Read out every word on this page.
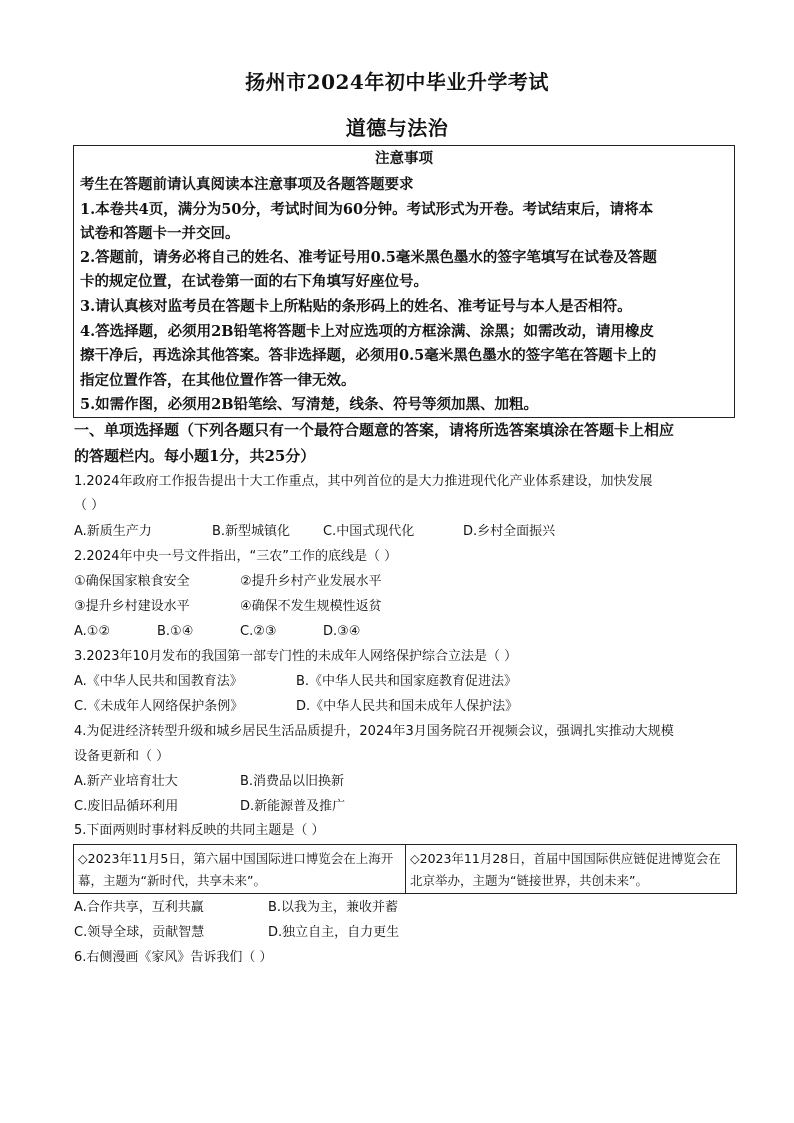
扬州市2024年初中毕业升学考试
道德与法治
注意事项
考生在答题前请认真阅读本注意事项及各题答题要求
1.本卷共4页，满分为50分，考试时间为60分钟。考试形式为开卷。考试结束后，请将本
试卷和答题卡一并交回。
2.答题前，请务必将自己的姓名、准考证号用0.5毫米黑色墨水的签字笔填写在试卷及答题
卡的规定位置，在试卷第一面的右下角填写好座位号。
3.请认真核对监考员在答题卡上所粘贴的条形码上的姓名、准考证号与本人是否相符。
4.答选择题，必须用2B铅笔将答题卡上对应选项的方框涂满、涂黑；如需改动，请用橡皮
擦干净后，再选涂其他答案。答非选择题，必须用0.5毫米黑色墨水的签字笔在答题卡上的
指定位置作答，在其他位置作答一律无效。
5.如需作图，必须用2B铅笔绘、写清楚，线条、符号等须加黑、加粗。
一、单项选择题（下列各题只有一个最符合题意的答案，请将所选答案填涂在答题卡上相应
的答题栏内。每小题1分，共25分）
1.2024年政府工作报告提出十大工作重点，其中列首位的是大力推进现代化产业体系建设，加快发展
（ ）
A.新质生产力	B.新型城镇化	C.中国式现代化	D.乡村全面振兴
2.2024年中央一号文件指出，“三农”工作的底线是（ ）
①确保国家粮食安全	②提升乡村产业发展水平
③提升乡村建设水平	④确保不发生规模性返贫
A.①②	B.①④	C.②③	D.③④
3.2023年10月发布的我国第一部专门性的未成年人网络保护综合立法是（ ）
A.《中华人民共和国教育法》	B.《中华人民共和国家庭教育促进法》
C.《未成年人网络保护条例》	D.《中华人民共和国未成年人保护法》
4.为促进经济转型升级和城乡居民生活品质提升，2024年3月国务院召开视频会议，强调扎实推动大规模
设备更新和（ ）
A.新产业培育壮大	B.消费品以旧换新
C.废旧品循环利用	D.新能源普及推广
5.下面两则时事材料反映的共同主题是（ ）
◇2023年11月5日，第六届中国国际进口博览会在上海开幕，主题为“新时代，共享未来”。
◇2023年11月28日，首届中国国际供应链促进博览会在北京举办，主题为“链接世界，共创未来”。
A.合作共享，互利共赢	B.以我为主，兼收并蓄
C.领导全球，贡献智慧	D.独立自主，自力更生
6.右侧漫画《家风》告诉我们（ ）
